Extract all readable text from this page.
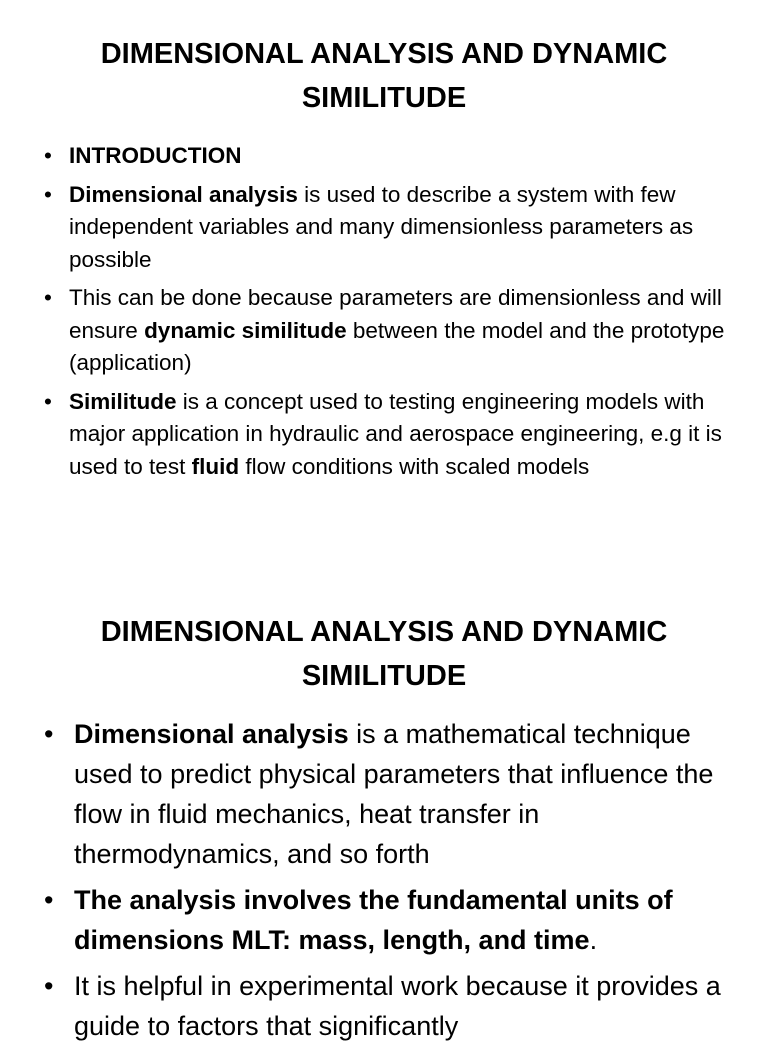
DIMENSIONAL ANALYSIS AND DYNAMIC
SIMILITUDE
• INTRODUCTION
• Dimensional analysis is used to describe a system with few independent variables and many dimensionless parameters as possible
• This can be done because parameters are dimensionless and will ensure dynamic similitude between the model and the prototype (application)
• Similitude is a concept used to testing engineering models with major application in hydraulic and aerospace engineering, e.g it is used to test fluid flow conditions with scaled models
DIMENSIONAL ANALYSIS AND DYNAMIC
SIMILITUDE
• Dimensional analysis is a mathematical technique used to predict physical parameters that influence the flow in fluid mechanics, heat transfer in thermodynamics, and so forth
• The analysis involves the fundamental units of dimensions MLT: mass, length, and time.
• It is helpful in experimental work because it provides a guide to factors that significantly
